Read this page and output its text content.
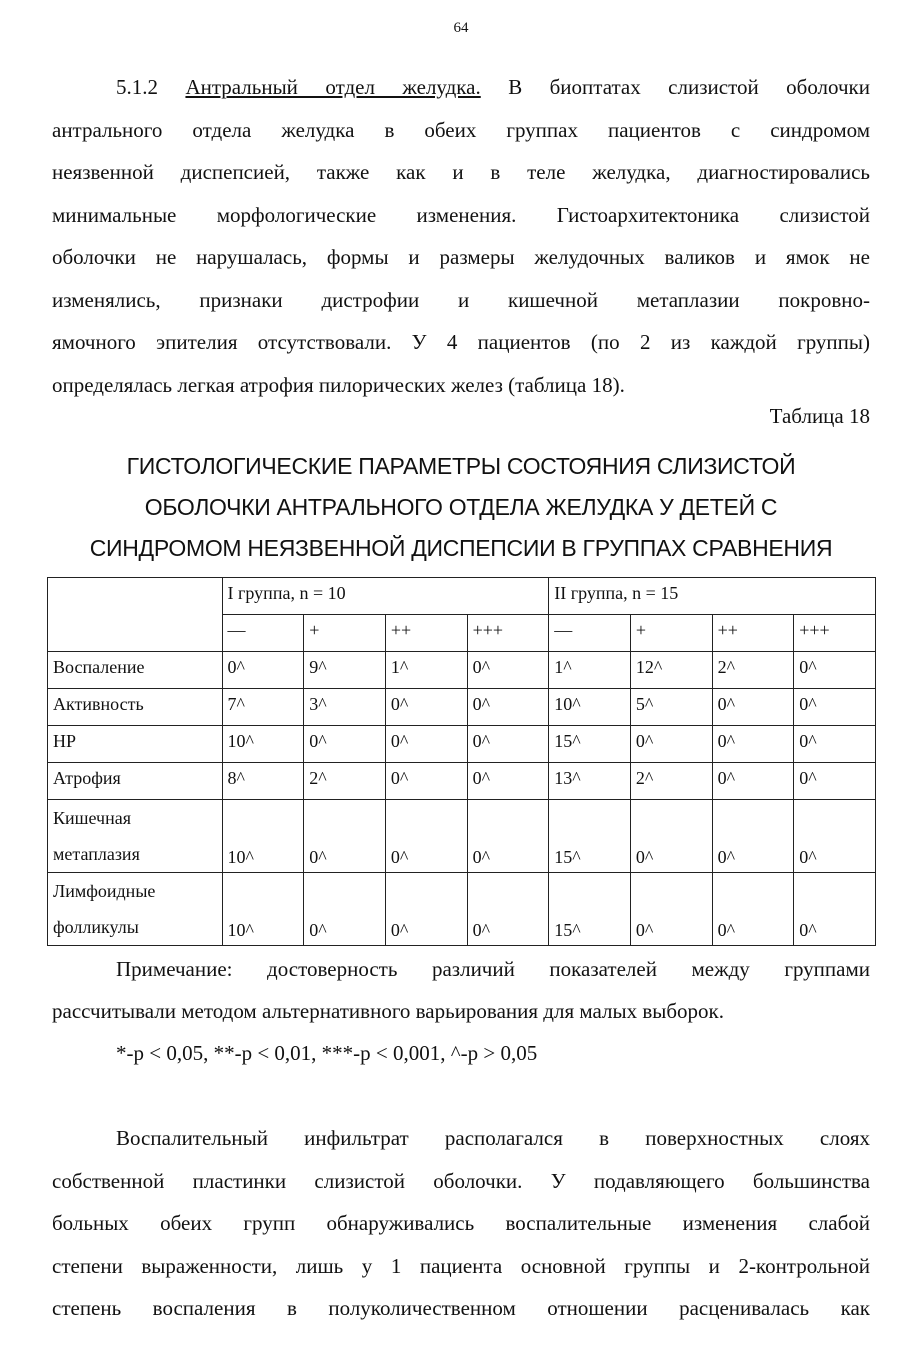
64
5.1.2 Антральный отдел желудка. В биоптатах слизистой оболочки
антрального отдела желудка в обеих группах пациентов с синдромом
неязвенной диспепсией, также как и в теле желудка, диагностировались
минимальные морфологические изменения. Гистоархитектоника слизистой
оболочки не нарушалась, формы и размеры желудочных валиков и ямок не
изменялись, признаки дистрофии и кишечной метаплазии покровно-
ямочного эпителия отсутствовали. У 4 пациентов (по 2 из каждой группы)
определялась легкая атрофия пилорических желез (таблица 18).
Таблица 18
ГИСТОЛОГИЧЕСКИЕ ПАРАМЕТРЫ СОСТОЯНИЯ СЛИЗИСТОЙ
ОБОЛОЧКИ АНТРАЛЬНОГО ОТДЕЛА ЖЕЛУДКА У ДЕТЕЙ С
СИНДРОМОМ НЕЯЗВЕННОЙ ДИСПЕПСИИ В ГРУППАХ СРАВНЕНИЯ
	I группа, n = 10				II группа, n = 15			
	—	+	++	+++	—	+	++	+++
Воспаление	0^	9^	1^	0^	1^	12^	2^	0^
Активность	7^	3^	0^	0^	10^	5^	0^	0^
НР	10^	0^	0^	0^	15^	0^	0^	0^
Атрофия	8^	2^	0^	0^	13^	2^	0^	0^

Кишечная
метаплазия	10^	0^	0^	0^	15^	0^	0^	0^

Лимфоидные
фолликулы	10^	0^	0^	0^	15^	0^	0^	0^
Примечание: достоверность различий показателей между группами
рассчитывали методом альтернативного варьирования для малых выборок.
*-р < 0,05, **-р < 0,01, ***-р < 0,001, ^-р > 0,05
Воспалительный инфильтрат располагался в поверхностных слоях
собственной пластинки слизистой оболочки. У подавляющего большинства
больных обеих групп обнаруживались воспалительные изменения слабой
степени выраженности, лишь у 1 пациента основной группы и 2-контрольной
степень воспаления в полуколичественном отношении расценивалась как
